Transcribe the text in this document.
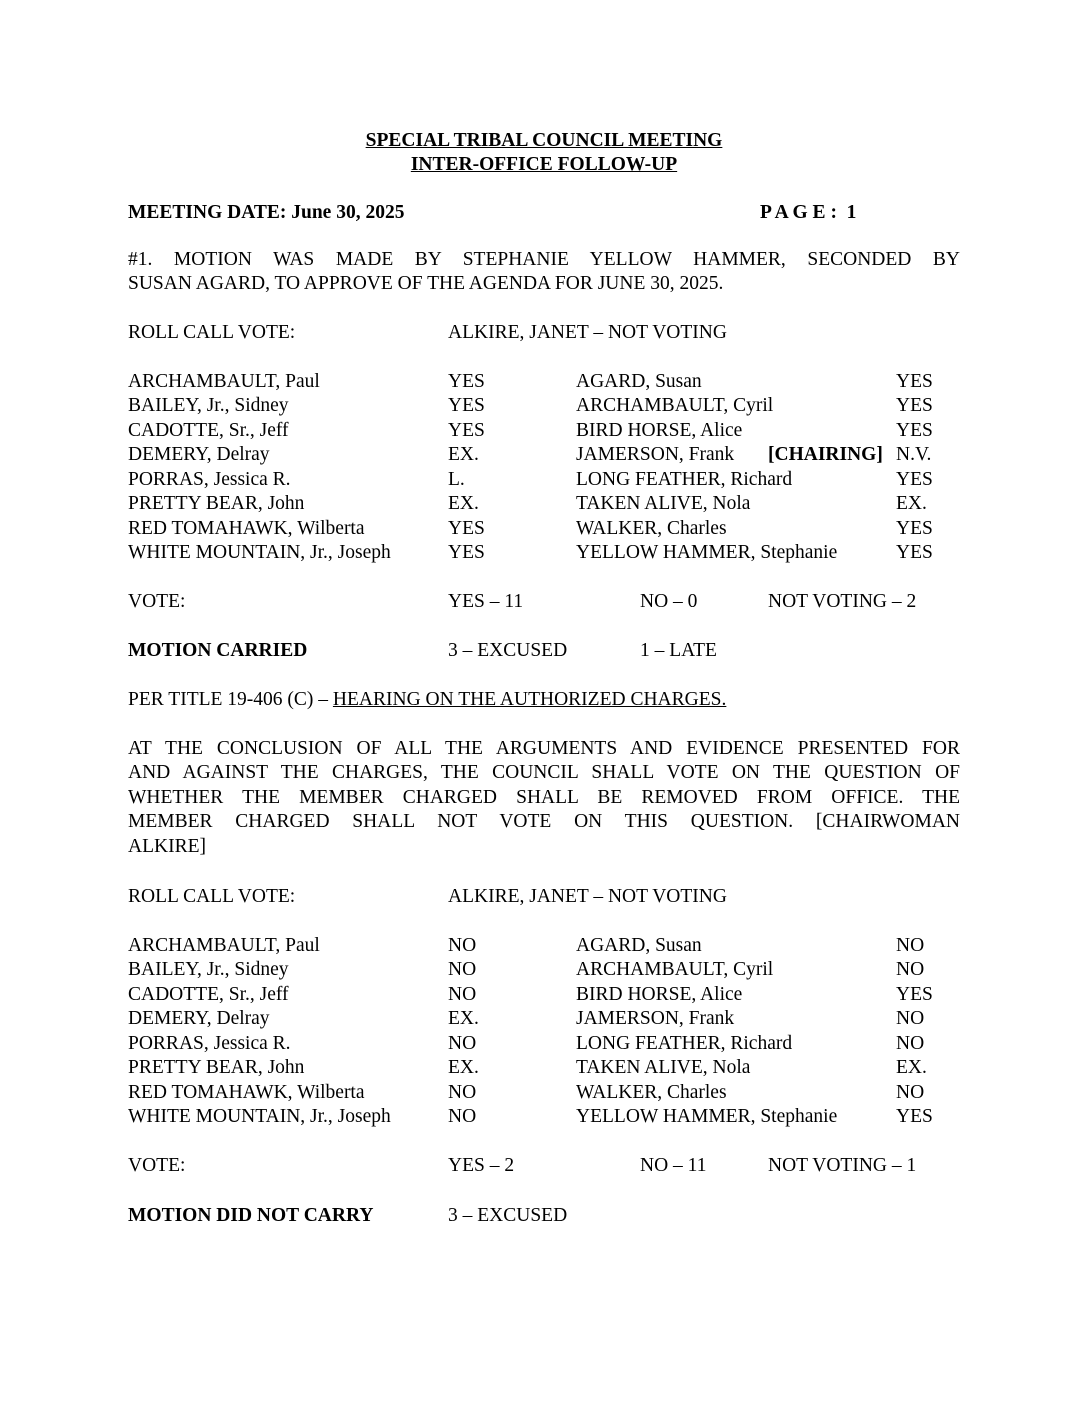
SPECIAL TRIBAL COUNCIL MEETING
INTER-OFFICE FOLLOW-UP
MEETING DATE: June 30, 2025	P A G E :  1
#1. MOTION WAS MADE BY STEPHANIE YELLOW HAMMER, SECONDED BY
SUSAN AGARD, TO APPROVE OF THE AGENDA FOR JUNE 30, 2025.
ROLL CALL VOTE:	ALKIRE, JANET – NOT VOTING
ARCHAMBAULT, Paul	YES	AGARD, Susan	YES
BAILEY, Jr., Sidney	YES	ARCHAMBAULT, Cyril	YES
CADOTTE, Sr., Jeff	YES	BIRD HORSE, Alice	YES
DEMERY, Delray	EX.	JAMERSON, Frank [CHAIRING] N.V.
PORRAS, Jessica R.	L.	LONG FEATHER, Richard	YES
PRETTY BEAR, John	EX.	TAKEN ALIVE, Nola	EX.
RED TOMAHAWK, Wilberta	YES	WALKER, Charles	YES
WHITE MOUNTAIN, Jr., Joseph	YES	YELLOW HAMMER, Stephanie	YES
VOTE:	YES – 11	NO – 0	NOT VOTING – 2
MOTION CARRIED	3 – EXCUSED	1 – LATE
PER TITLE 19-406 (C) – HEARING ON THE AUTHORIZED CHARGES.
AT THE CONCLUSION OF ALL THE ARGUMENTS AND EVIDENCE PRESENTED FOR
AND AGAINST THE CHARGES, THE COUNCIL SHALL VOTE ON THE QUESTION OF
WHETHER THE MEMBER CHARGED SHALL BE REMOVED FROM OFFICE. THE
MEMBER CHARGED SHALL NOT VOTE ON THIS QUESTION. [CHAIRWOMAN
ALKIRE]
ROLL CALL VOTE:	ALKIRE, JANET – NOT VOTING
ARCHAMBAULT, Paul	NO	AGARD, Susan	NO
BAILEY, Jr., Sidney	NO	ARCHAMBAULT, Cyril	NO
CADOTTE, Sr., Jeff	NO	BIRD HORSE, Alice	YES
DEMERY, Delray	EX.	JAMERSON, Frank	NO
PORRAS, Jessica R.	NO	LONG FEATHER, Richard	NO
PRETTY BEAR, John	EX.	TAKEN ALIVE, Nola	EX.
RED TOMAHAWK, Wilberta	NO	WALKER, Charles	NO
WHITE MOUNTAIN, Jr., Joseph	NO	YELLOW HAMMER, Stephanie	YES
VOTE:	YES – 2	NO – 11	NOT VOTING – 1
MOTION DID NOT CARRY	3 – EXCUSED
